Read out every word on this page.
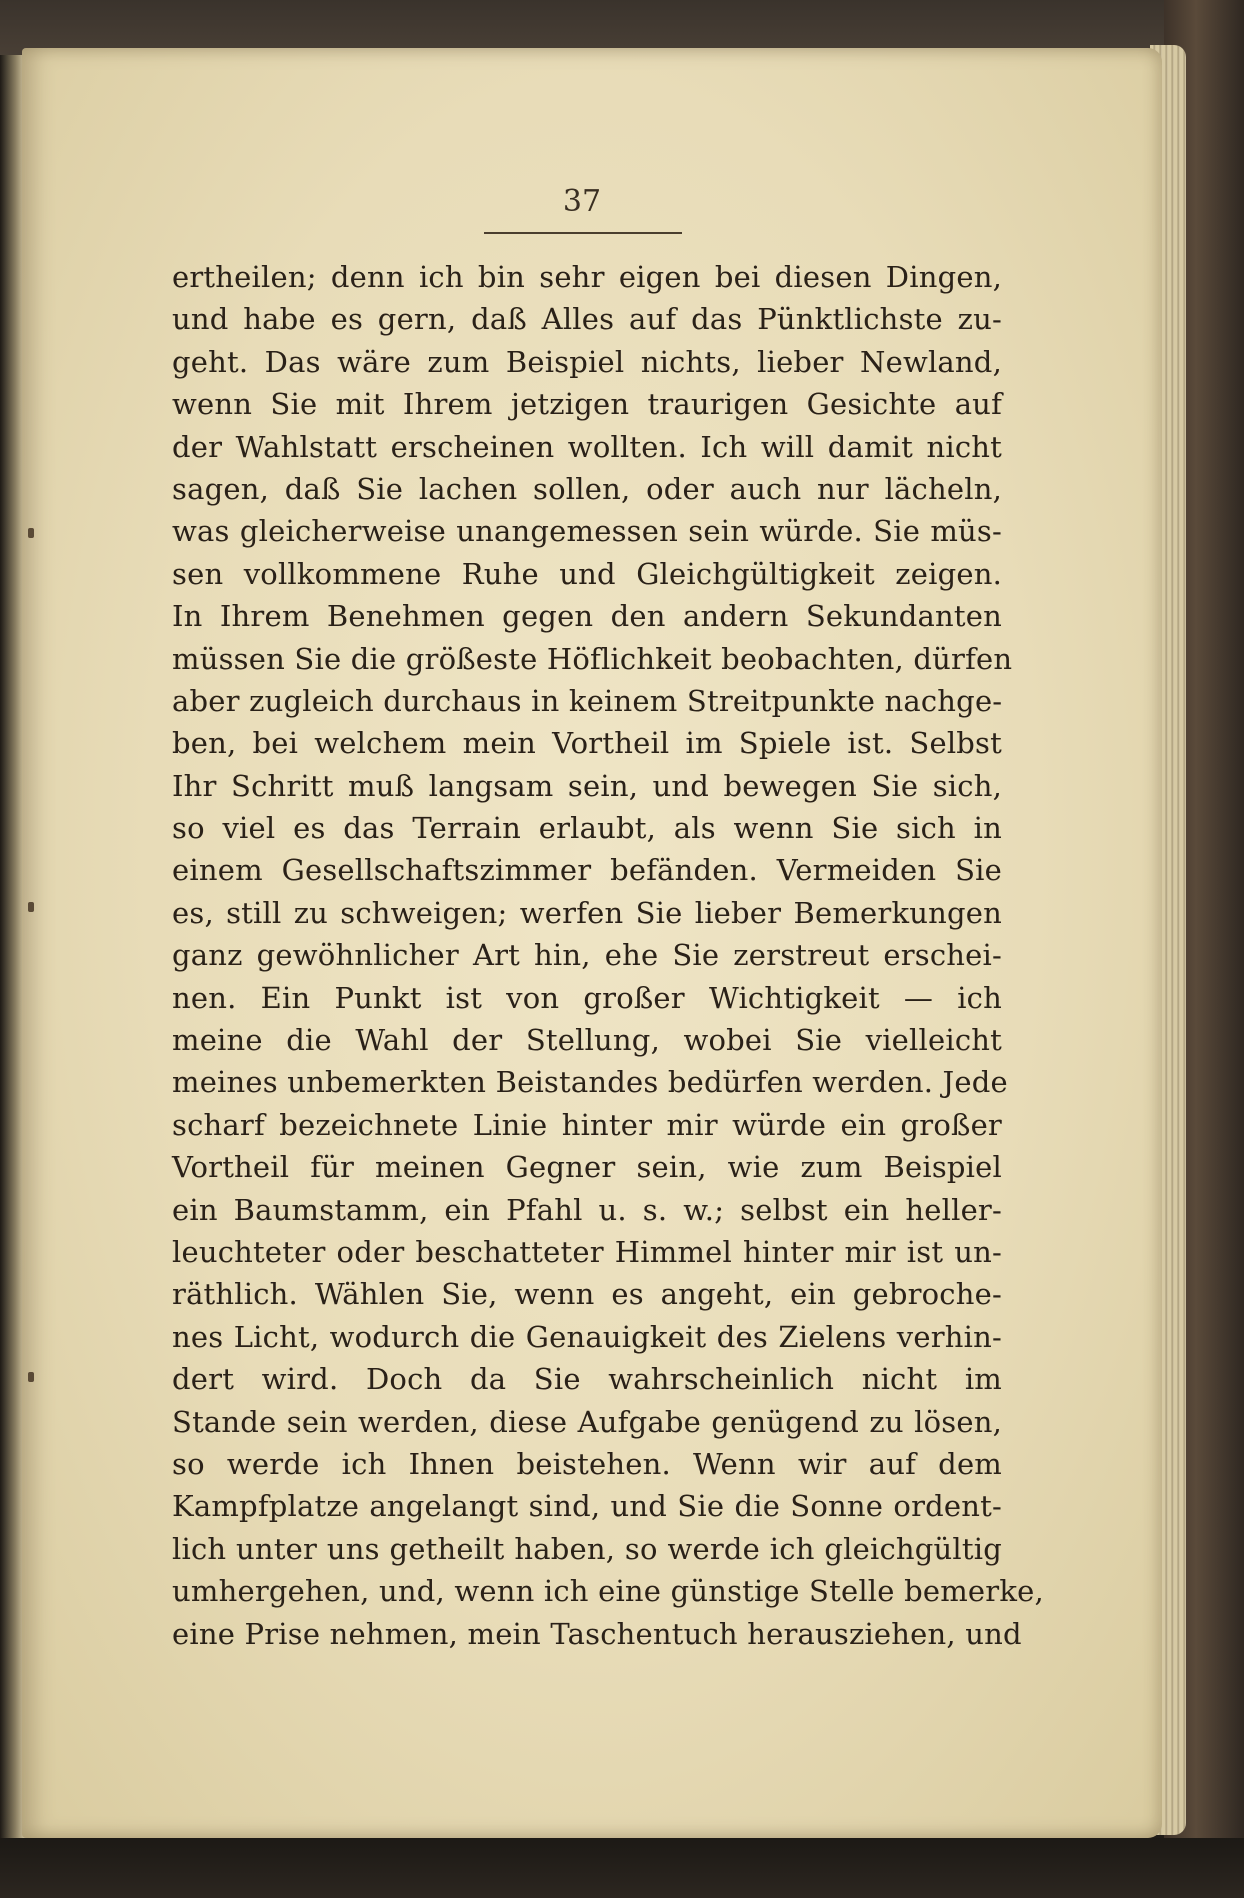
37
ertheilen; denn ich bin sehr eigen bei diesen Dingen,
und habe es gern, daß Alles auf das Pünktlichste zu-
geht. Das wäre zum Beispiel nichts, lieber Newland,
wenn Sie mit Ihrem jetzigen traurigen Gesichte auf
der Wahlstatt erscheinen wollten. Ich will damit nicht
sagen, daß Sie lachen sollen, oder auch nur lächeln,
was gleicherweise unangemessen sein würde. Sie müs-
sen vollkommene Ruhe und Gleichgültigkeit zeigen.
In Ihrem Benehmen gegen den andern Sekundanten
müssen Sie die größeste Höflichkeit beobachten, dürfen
aber zugleich durchaus in keinem Streitpunkte nachge-
ben, bei welchem mein Vortheil im Spiele ist. Selbst
Ihr Schritt muß langsam sein, und bewegen Sie sich,
so viel es das Terrain erlaubt, als wenn Sie sich in
einem Gesellschaftszimmer befänden. Vermeiden Sie
es, still zu schweigen; werfen Sie lieber Bemerkungen
ganz gewöhnlicher Art hin, ehe Sie zerstreut erschei-
nen. Ein Punkt ist von großer Wichtigkeit — ich
meine die Wahl der Stellung, wobei Sie vielleicht
meines unbemerkten Beistandes bedürfen werden. Jede
scharf bezeichnete Linie hinter mir würde ein großer
Vortheil für meinen Gegner sein, wie zum Beispiel
ein Baumstamm, ein Pfahl u. s. w.; selbst ein heller-
leuchteter oder beschatteter Himmel hinter mir ist un-
räthlich. Wählen Sie, wenn es angeht, ein gebroche-
nes Licht, wodurch die Genauigkeit des Zielens verhin-
dert wird. Doch da Sie wahrscheinlich nicht im
Stande sein werden, diese Aufgabe genügend zu lösen,
so werde ich Ihnen beistehen. Wenn wir auf dem
Kampfplatze angelangt sind, und Sie die Sonne ordent-
lich unter uns getheilt haben, so werde ich gleichgültig
umhergehen, und, wenn ich eine günstige Stelle bemerke,
eine Prise nehmen, mein Taschentuch herausziehen, und
